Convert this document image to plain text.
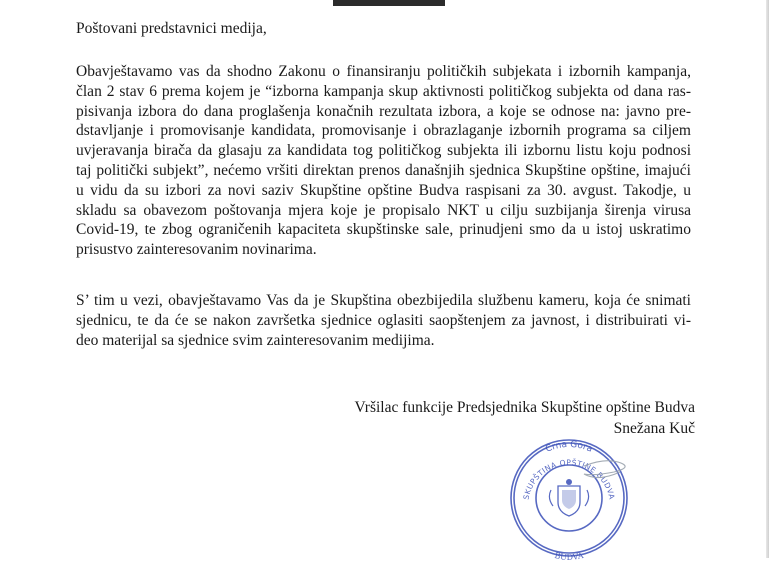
Poštovani predstavnici medija,
Obavještavamo vas da shodno Zakonu o finansiranju političkih subjekata i izbornih kampanja,
član 2 stav 6 prema kojem je “izborna kampanja skup aktivnosti političkog subjekta od dana ras-
pisivanja izbora do dana proglašenja konačnih rezultata izbora, a koje se odnose na: javno pre-
dstavljanje i promovisanje kandidata, promovisanje i obrazlaganje izbornih programa sa ciljem
uvjeravanja birača da glasaju za kandidata tog političkog subjekta ili izbornu listu koju podnosi
taj politički subjekt”, nećemo vršiti direktan prenos današnjih sjednica Skupštine opštine, imajući
u vidu da su izbori za novi saziv Skupštine opštine Budva raspisani za 30. avgust. Takodje, u
skladu sa obavezom poštovanja mjera koje je propisalo NKT u cilju suzbijanja širenja virusa
Covid-19, te zbog ograničenih kapaciteta skupštinske sale, prinudjeni smo da u istoj uskratimo
prisustvo zainteresovanim novinarima.
S’ tim u vezi, obavještavamo Vas da je Skupština obezbijedila službenu kameru, koja će snimati
sjednicu, te da će se nakon završetka sjednice oglasiti saopštenjem za javnost, i distribuirati vi-
deo materijal sa sjednice svim zainteresovanim medijima.
Vršilac funkcije Predsjednika Skupštine opštine Budva
Snežana Kuč
Crna Gora
SKUPŠTINA OPŠTINE BUDVA
BUDVA
